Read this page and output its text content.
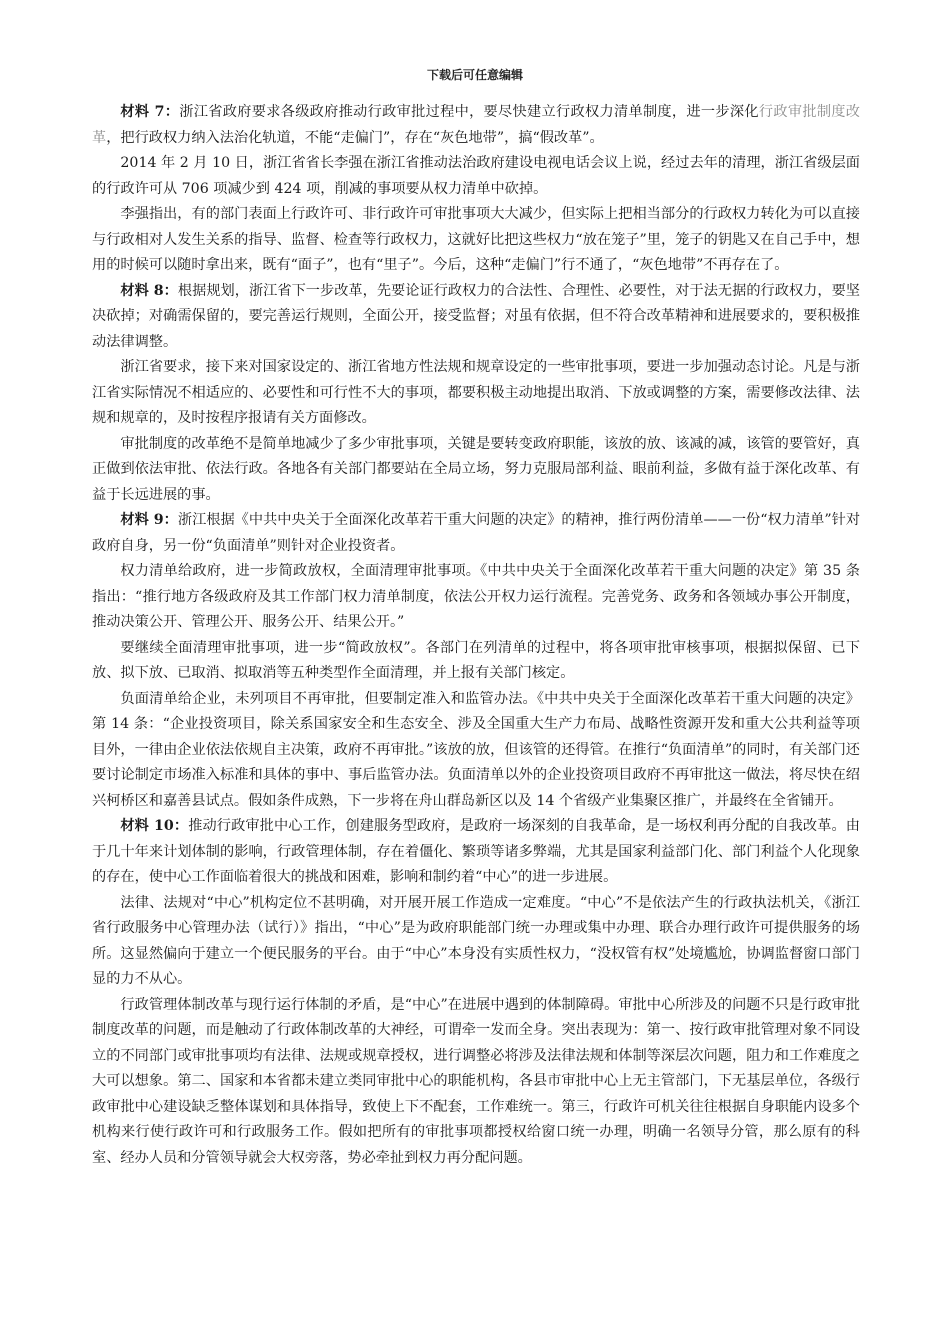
下载后可任意编辑

材料 7：浙江省政府要求各级政府推动行政审批过程中，要尽快建立行政权力清单制度，进一步深化行政审批制度改革，把行政权力纳入法治化轨道，不能“走偏门”，存在“灰色地带”，搞“假改革”。

2014 年 2 月 10 日，浙江省省长李强在浙江省推动法治政府建设电视电话会议上说，经过去年的清理，浙江省级层面的行政许可从 706 项减少到 424 项，削减的事项要从权力清单中砍掉。

李强指出，有的部门表面上行政许可、非行政许可审批事项大大减少，但实际上把相当部分的行政权力转化为可以直接与行政相对人发生关系的指导、监督、检查等行政权力，这就好比把这些权力“放在笼子”里，笼子的钥匙又在自己手中，想用的时候可以随时拿出来，既有“面子”，也有“里子”。今后，这种“走偏门”行不通了，“灰色地带”不再存在了。

材料 8：根据规划，浙江省下一步改革，先要论证行政权力的合法性、合理性、必要性，对于法无据的行政权力，要坚决砍掉；对确需保留的，要完善运行规则，全面公开，接受监督；对虽有依据，但不符合改革精神和进展要求的，要积极推动法律调整。

浙江省要求，接下来对国家设定的、浙江省地方性法规和规章设定的一些审批事项，要进一步加强动态讨论。凡是与浙江省实际情况不相适应的、必要性和可行性不大的事项，都要积极主动地提出取消、下放或调整的方案，需要修改法律、法规和规章的，及时按程序报请有关方面修改。

审批制度的改革绝不是简单地减少了多少审批事项，关键是要转变政府职能，该放的放、该减的减，该管的要管好，真正做到依法审批、依法行政。各地各有关部门都要站在全局立场，努力克服局部利益、眼前利益，多做有益于深化改革、有益于长远进展的事。

材料 9：浙江根据《中共中央关于全面深化改革若干重大问题的决定》的精神，推行两份清单——一份“权力清单”针对政府自身，另一份“负面清单”则针对企业投资者。

权力清单给政府，进一步简政放权，全面清理审批事项。《中共中央关于全面深化改革若干重大问题的决定》第 35 条指出：“推行地方各级政府及其工作部门权力清单制度，依法公开权力运行流程。完善党务、政务和各领域办事公开制度，推动决策公开、管理公开、服务公开、结果公开。”

要继续全面清理审批事项，进一步“简政放权”。各部门在列清单的过程中，将各项审批审核事项，根据拟保留、已下放、拟下放、已取消、拟取消等五种类型作全面清理，并上报有关部门核定。

负面清单给企业，未列项目不再审批，但要制定准入和监管办法。《中共中央关于全面深化改革若干重大问题的决定》第 14 条：“企业投资项目，除关系国家安全和生态安全、涉及全国重大生产力布局、战略性资源开发和重大公共利益等项目外，一律由企业依法依规自主决策，政府不再审批。”该放的放，但该管的还得管。在推行“负面清单”的同时，有关部门还要讨论制定市场准入标准和具体的事中、事后监管办法。负面清单以外的企业投资项目政府不再审批这一做法，将尽快在绍兴柯桥区和嘉善县试点。假如条件成熟，下一步将在舟山群岛新区以及 14 个省级产业集聚区推广，并最终在全省铺开。

材料 10：推动行政审批中心工作，创建服务型政府，是政府一场深刻的自我革命，是一场权利再分配的自我改革。由于几十年来计划体制的影响，行政管理体制，存在着僵化、繁琐等诸多弊端，尤其是国家利益部门化、部门利益个人化现象的存在，使中心工作面临着很大的挑战和困难，影响和制约着“中心”的进一步进展。

法律、法规对“中心”机构定位不甚明确，对开展开展工作造成一定难度。“中心”不是依法产生的行政执法机关，《浙江省行政服务中心管理办法（试行）》指出，“中心”是为政府职能部门统一办理或集中办理、联合办理行政许可提供服务的场所。这显然偏向于建立一个便民服务的平台。由于“中心”本身没有实质性权力，“没权管有权”处境尴尬，协调监督窗口部门显的力不从心。

行政管理体制改革与现行运行体制的矛盾，是“中心”在进展中遇到的体制障碍。审批中心所涉及的问题不只是行政审批制度改革的问题，而是触动了行政体制改革的大神经，可谓牵一发而全身。突出表现为：第一、按行政审批管理对象不同设立的不同部门或审批事项均有法律、法规或规章授权，进行调整必将涉及法律法规和体制等深层次问题，阻力和工作难度之大可以想象。第二、国家和本省都未建立类同审批中心的职能机构，各县市审批中心上无主管部门，下无基层单位，各级行政审批中心建设缺乏整体谋划和具体指导，致使上下不配套，工作难统一。第三，行政许可机关往往根据自身职能内设多个机构来行使行政许可和行政服务工作。假如把所有的审批事项都授权给窗口统一办理，明确一名领导分管，那么原有的科室、经办人员和分管领导就会大权旁落，势必牵扯到权力再分配问题。
